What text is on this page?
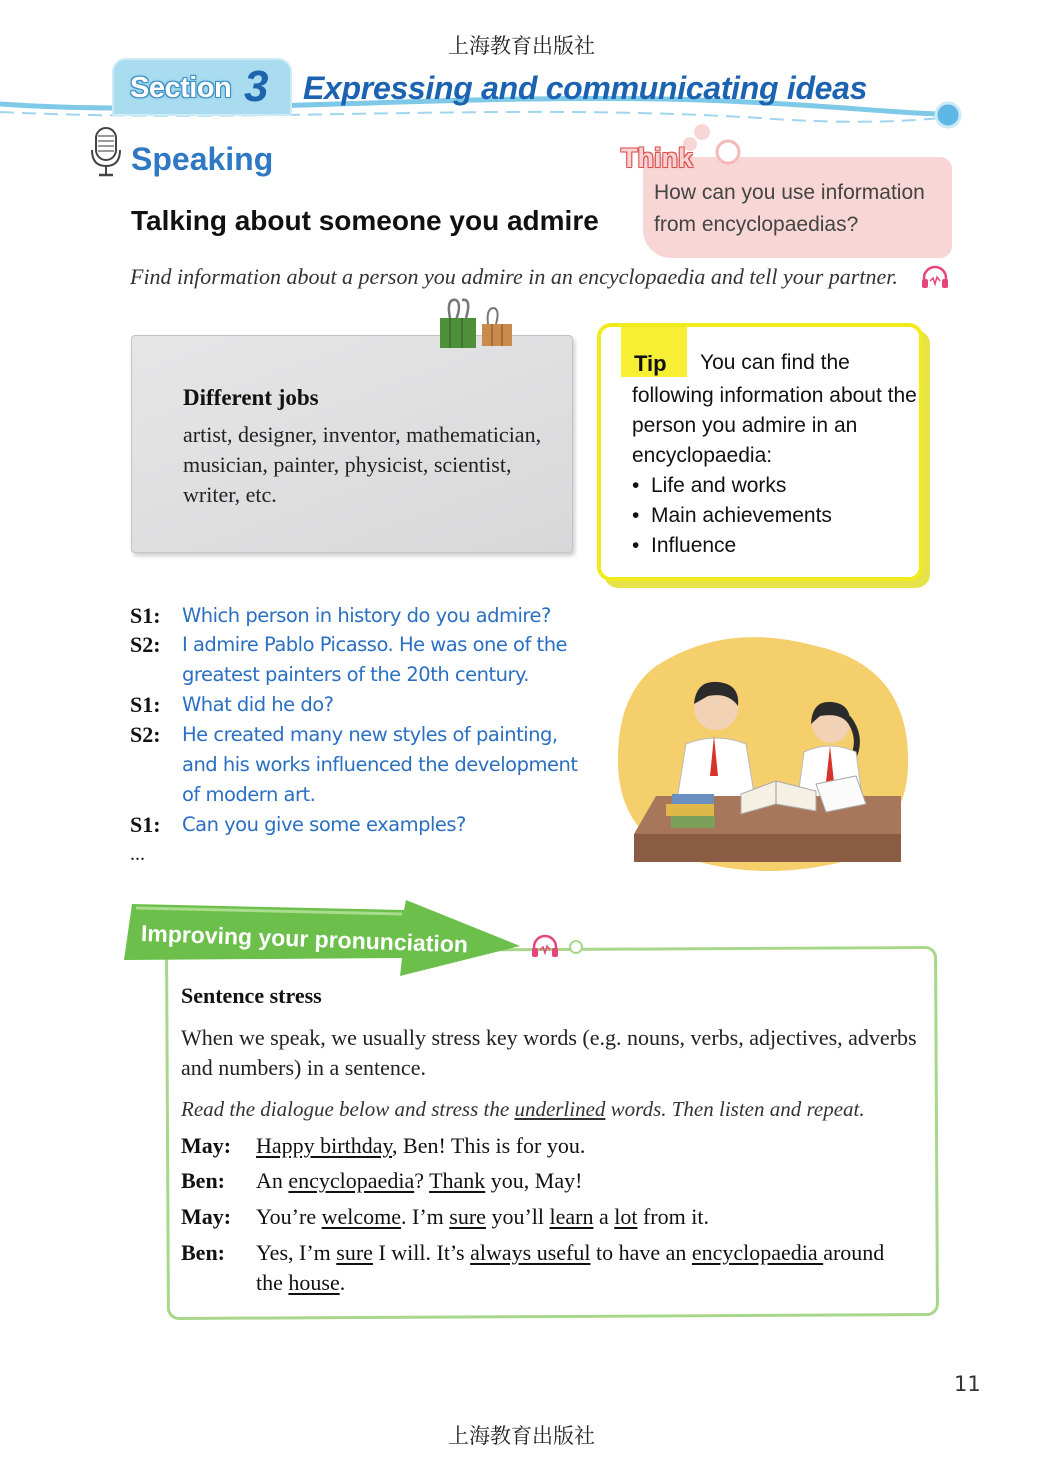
上海教育出版社
Section 3 Expressing and communicating ideas
Speaking
Talking about someone you admire
Think
How can you use information from encyclopaedias?
Find information about a person you admire in an encyclopaedia and tell your partner.
Different jobs
artist, designer, inventor, mathematician, musician, painter, physicist, scientist, writer, etc.
Tip You can find the
following information about the person you admire in an encyclopaedia:
• Life and works
• Main achievements
• Influence
S1: Which person in history do you admire?
S2: I admire Pablo Picasso. He was one of the greatest painters of the 20th century.
S1: What did he do?
S2: He created many new styles of painting, and his works influenced the development of modern art.
S1: Can you give some examples?
...
Improving your pronunciation
Sentence stress
When we speak, we usually stress key words (e.g. nouns, verbs, adjectives, adverbs and numbers) in a sentence.
Read the dialogue below and stress the underlined words. Then listen and repeat.
May: Happy birthday, Ben! This is for you.
Ben: An encyclopaedia? Thank you, May!
May: You’re welcome. I’m sure you’ll learn a lot from it.
Ben: Yes, I’m sure I will. It’s always useful to have an encyclopaedia around the house.
11
上海教育出版社
